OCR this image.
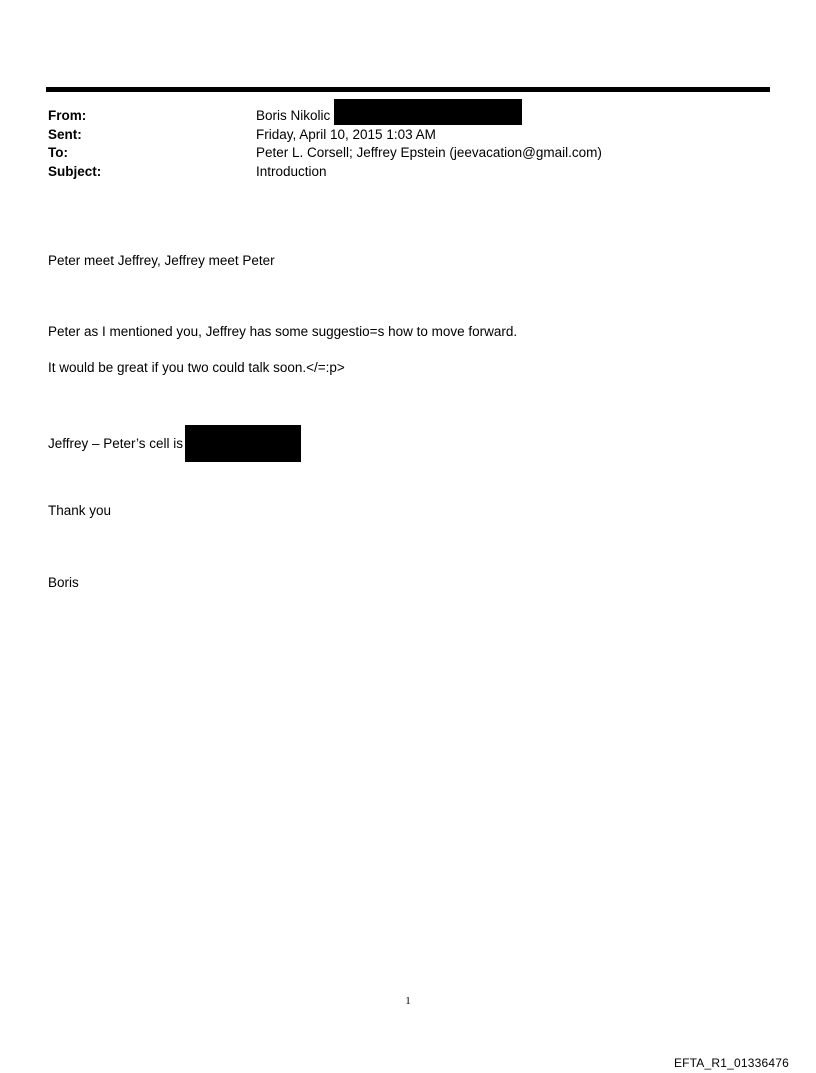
From:	Boris Nikolic
Sent:	Friday, April 10, 2015 1:03 AM
To:	Peter L. Corsell; Jeffrey Epstein (jeevacation@gmail.com)
Subject:	Introduction
Peter meet Jeffrey, Jeffrey meet Peter
Peter as I mentioned you, Jeffrey has some suggestio=s how to move forward.
It would be great if you two could talk soon.</=:p>
Jeffrey – Peter’s cell is
Thank you
Boris
1
EFTA_R1_01336476
